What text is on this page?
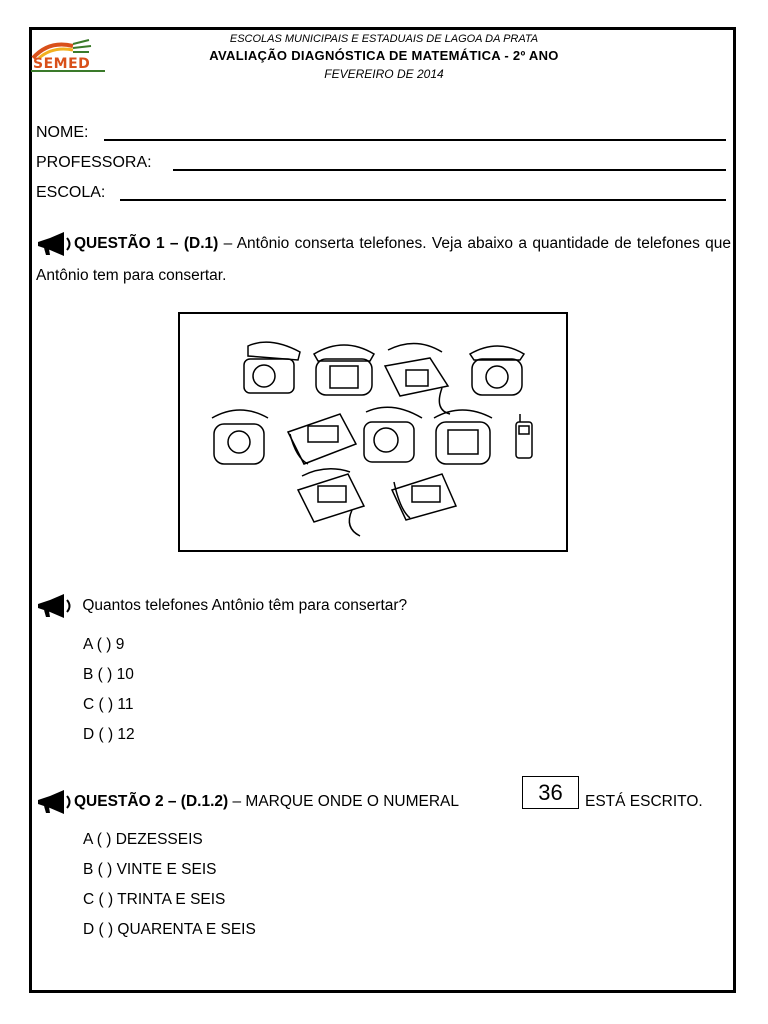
SEMED
ESCOLAS MUNICIPAIS E ESTADUAIS DE LAGOA DA PRATA
AVALIAÇÃO DIAGNÓSTICA DE MATEMÁTICA - 2º ANO
FEVEREIRO DE 2014
NOME:
PROFESSORA:
ESCOLA:
QUESTÃO 1 – (D.1) – Antônio conserta telefones. Veja abaixo a quantidade de telefones que Antônio tem para consertar.
Quantos telefones Antônio têm para consertar?
A ( ) 9
B ( ) 10
C ( ) 11
D ( ) 12
QUESTÃO 2 – (D.1.2) – MARQUE ONDE O NUMERAL	36	ESTÁ ESCRITO.
A ( ) DEZESSEIS
B ( ) VINTE E SEIS
C ( ) TRINTA E SEIS
D ( ) QUARENTA E SEIS
